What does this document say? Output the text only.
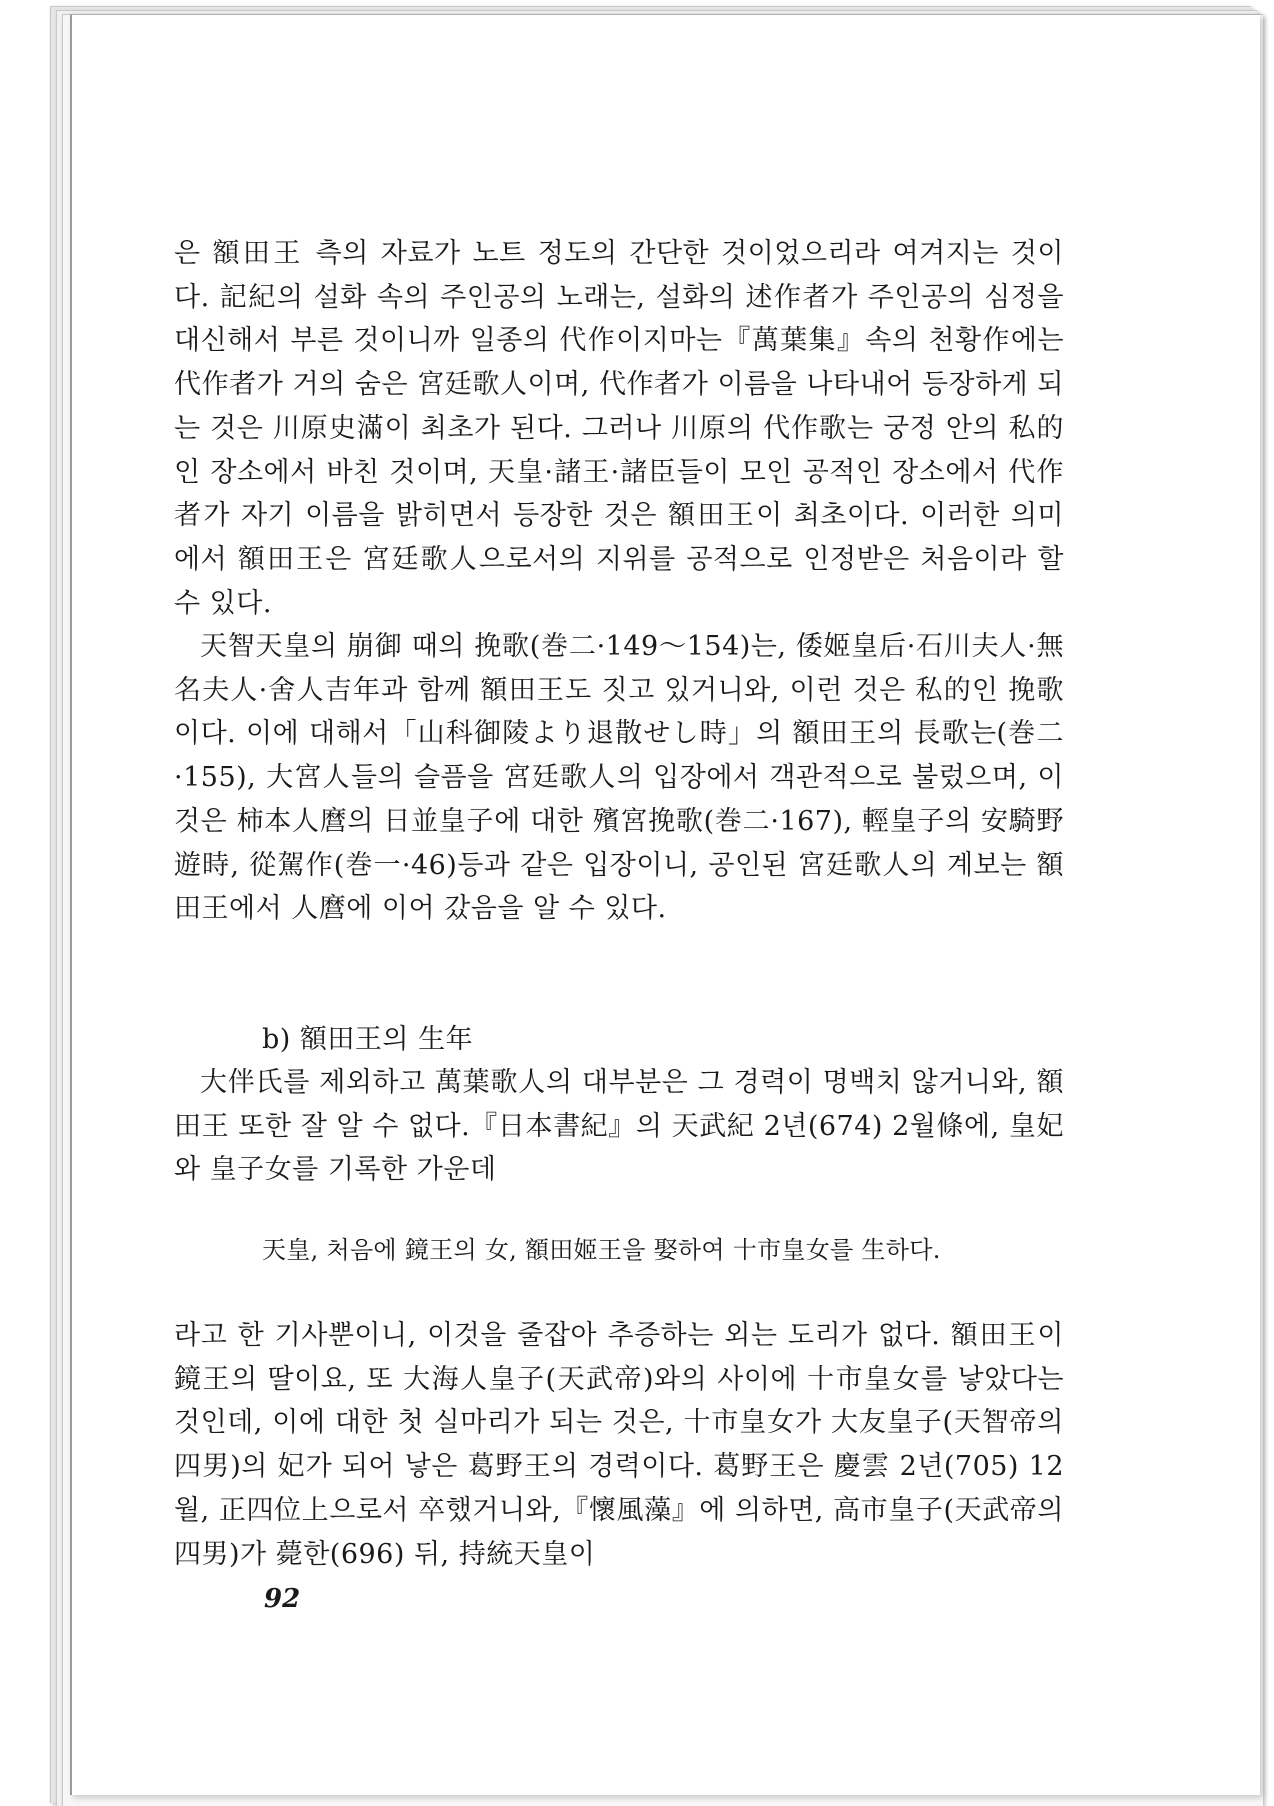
은 額田王 측의 자료가 노트 정도의 간단한 것이었으리라 여겨지는 것이다. 記紀의 설화 속의 주인공의 노래는, 설화의 述作者가 주인공의 심정을 대신해서 부른 것이니까 일종의 代作이지마는『萬葉集』속의 천황作에는 代作者가 거의 숨은 宮廷歌人이며, 代作者가 이름을 나타내어 등장하게 되는 것은 川原史滿이 최초가 된다. 그러나 川原의 代作歌는 궁정 안의 私的인 장소에서 바친 것이며, 天皇·諸王·諸臣들이 모인 공적인 장소에서 代作者가 자기 이름을 밝히면서 등장한 것은 額田王이 최초이다. 이러한 의미에서 額田王은 宮廷歌人으로서의 지위를 공적으로 인정받은 처음이라 할 수 있다.

天智天皇의 崩御 때의 挽歌(巻二·149～154)는, 倭姬皇后·石川夫人·無名夫人·舍人吉年과 함께 額田王도 짓고 있거니와, 이런 것은 私的인 挽歌이다. 이에 대해서「山科御陵より退散せし時」의 額田王의 長歌는(巻二·155), 大宮人들의 슬픔을 宮廷歌人의 입장에서 객관적으로 불렀으며, 이것은 柿本人麿의 日並皇子에 대한 殯宮挽歌(巻二·167), 輕皇子의 安騎野遊時, 從駕作(巻一·46)등과 같은 입장이니, 공인된 宮廷歌人의 계보는 額田王에서 人麿에 이어 갔음을 알 수 있다.

b) 額田王의 生年

大伴氏를 제외하고 萬葉歌人의 대부분은 그 경력이 명백치 않거니와, 額田王 또한 잘 알 수 없다.『日本書紀』의 天武紀 2년(674) 2월條에, 皇妃와 皇子女를 기록한 가운데

天皇, 처음에 鏡王의 女, 額田姬王을 娶하여 十市皇女를 生하다.

라고 한 기사뿐이니, 이것을 줄잡아 추증하는 외는 도리가 없다. 額田王이 鏡王의 딸이요, 또 大海人皇子(天武帝)와의 사이에 十市皇女를 낳았다는 것인데, 이에 대한 첫 실마리가 되는 것은, 十市皇女가 大友皇子(天智帝의 四男)의 妃가 되어 낳은 葛野王의 경력이다. 葛野王은 慶雲 2년(705) 12월, 正四位上으로서 卒했거니와,『懷風藻』에 의하면, 高市皇子(天武帝의 四男)가 薨한(696) 뒤, 持統天皇이

92
